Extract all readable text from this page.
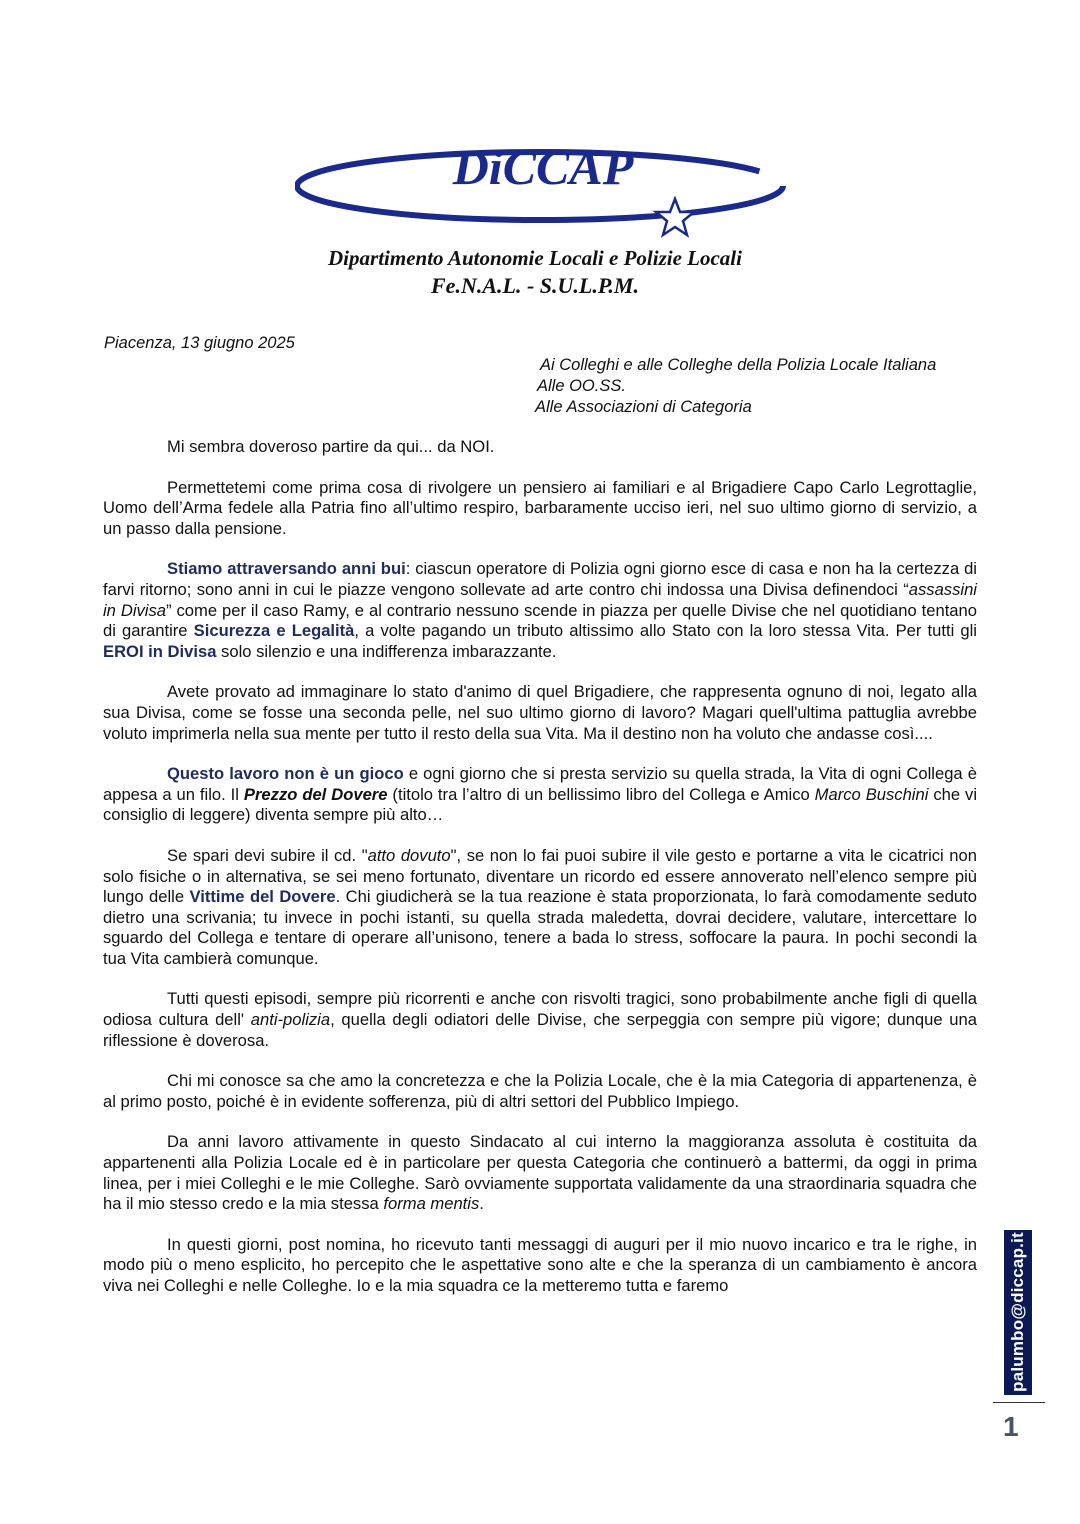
DiCCAP
Dipartimento Autonomie Locali e Polizie Locali
Fe.N.A.L. - S.U.L.P.M.
Piacenza, 13 giugno 2025
Ai Colleghi e alle Colleghe della Polizia Locale Italiana
Alle OO.SS.
Alle Associazioni di Categoria

Mi sembra doveroso partire da qui... da NOI.

Permettetemi come prima cosa di rivolgere un pensiero ai familiari e al Brigadiere Capo Carlo Legrottaglie, Uomo dell’Arma fedele alla Patria fino all’ultimo respiro, barbaramente ucciso ieri, nel suo ultimo giorno di servizio, a un passo dalla pensione.

Stiamo attraversando anni bui: ciascun operatore di Polizia ogni giorno esce di casa e non ha la certezza di farvi ritorno; sono anni in cui le piazze vengono sollevate ad arte contro chi indossa una Divisa definendoci “assassini in Divisa” come per il caso Ramy, e al contrario nessuno scende in piazza per quelle Divise che nel quotidiano tentano di garantire Sicurezza e Legalità, a volte pagando un tributo altissimo allo Stato con la loro stessa Vita. Per tutti gli EROI in Divisa solo silenzio e una indifferenza imbarazzante.

Avete provato ad immaginare lo stato d'animo di quel Brigadiere, che rappresenta ognuno di noi, legato alla sua Divisa, come se fosse una seconda pelle, nel suo ultimo giorno di lavoro? Magari quell'ultima pattuglia avrebbe voluto imprimerla nella sua mente per tutto il resto della sua Vita. Ma il destino non ha voluto che andasse così....

Questo lavoro non è un gioco e ogni giorno che si presta servizio su quella strada, la Vita di ogni Collega è appesa a un filo. Il Prezzo del Dovere (titolo tra l’altro di un bellissimo libro del Collega e Amico Marco Buschini che vi consiglio di leggere) diventa sempre più alto…

Se spari devi subire il cd. "atto dovuto", se non lo fai puoi subire il vile gesto e portarne a vita le cicatrici non solo fisiche o in alternativa, se sei meno fortunato, diventare un ricordo ed essere annoverato nell’elenco sempre più lungo delle Vittime del Dovere. Chi giudicherà se la tua reazione è stata proporzionata, lo farà comodamente seduto dietro una scrivania; tu invece in pochi istanti, su quella strada maledetta, dovrai decidere, valutare, intercettare lo sguardo del Collega e tentare di operare all’unisono, tenere a bada lo stress, soffocare la paura. In pochi secondi la tua Vita cambierà comunque.

Tutti questi episodi, sempre più ricorrenti e anche con risvolti tragici, sono probabilmente anche figli di quella odiosa cultura dell' anti-polizia, quella degli odiatori delle Divise, che serpeggia con sempre più vigore; dunque una riflessione è doverosa.

Chi mi conosce sa che amo la concretezza e che la Polizia Locale, che è la mia Categoria di appartenenza, è al primo posto, poiché è in evidente sofferenza, più di altri settori del Pubblico Impiego.

Da anni lavoro attivamente in questo Sindacato al cui interno la maggioranza assoluta è costituita da appartenenti alla Polizia Locale ed è in particolare per questa Categoria che continuerò a battermi, da oggi in prima linea, per i miei Colleghi e le mie Colleghe. Sarò ovviamente supportata validamente da una straordinaria squadra che ha il mio stesso credo e la mia stessa forma mentis.

In questi giorni, post nomina, ho ricevuto tanti messaggi di auguri per il mio nuovo incarico e tra le righe, in modo più o meno esplicito, ho percepito che le aspettative sono alte e che la speranza di un cambiamento è ancora viva nei Colleghi e nelle Colleghe. Io e la mia squadra ce la metteremo tutta e faremo	palumbo@diccap.it
1
